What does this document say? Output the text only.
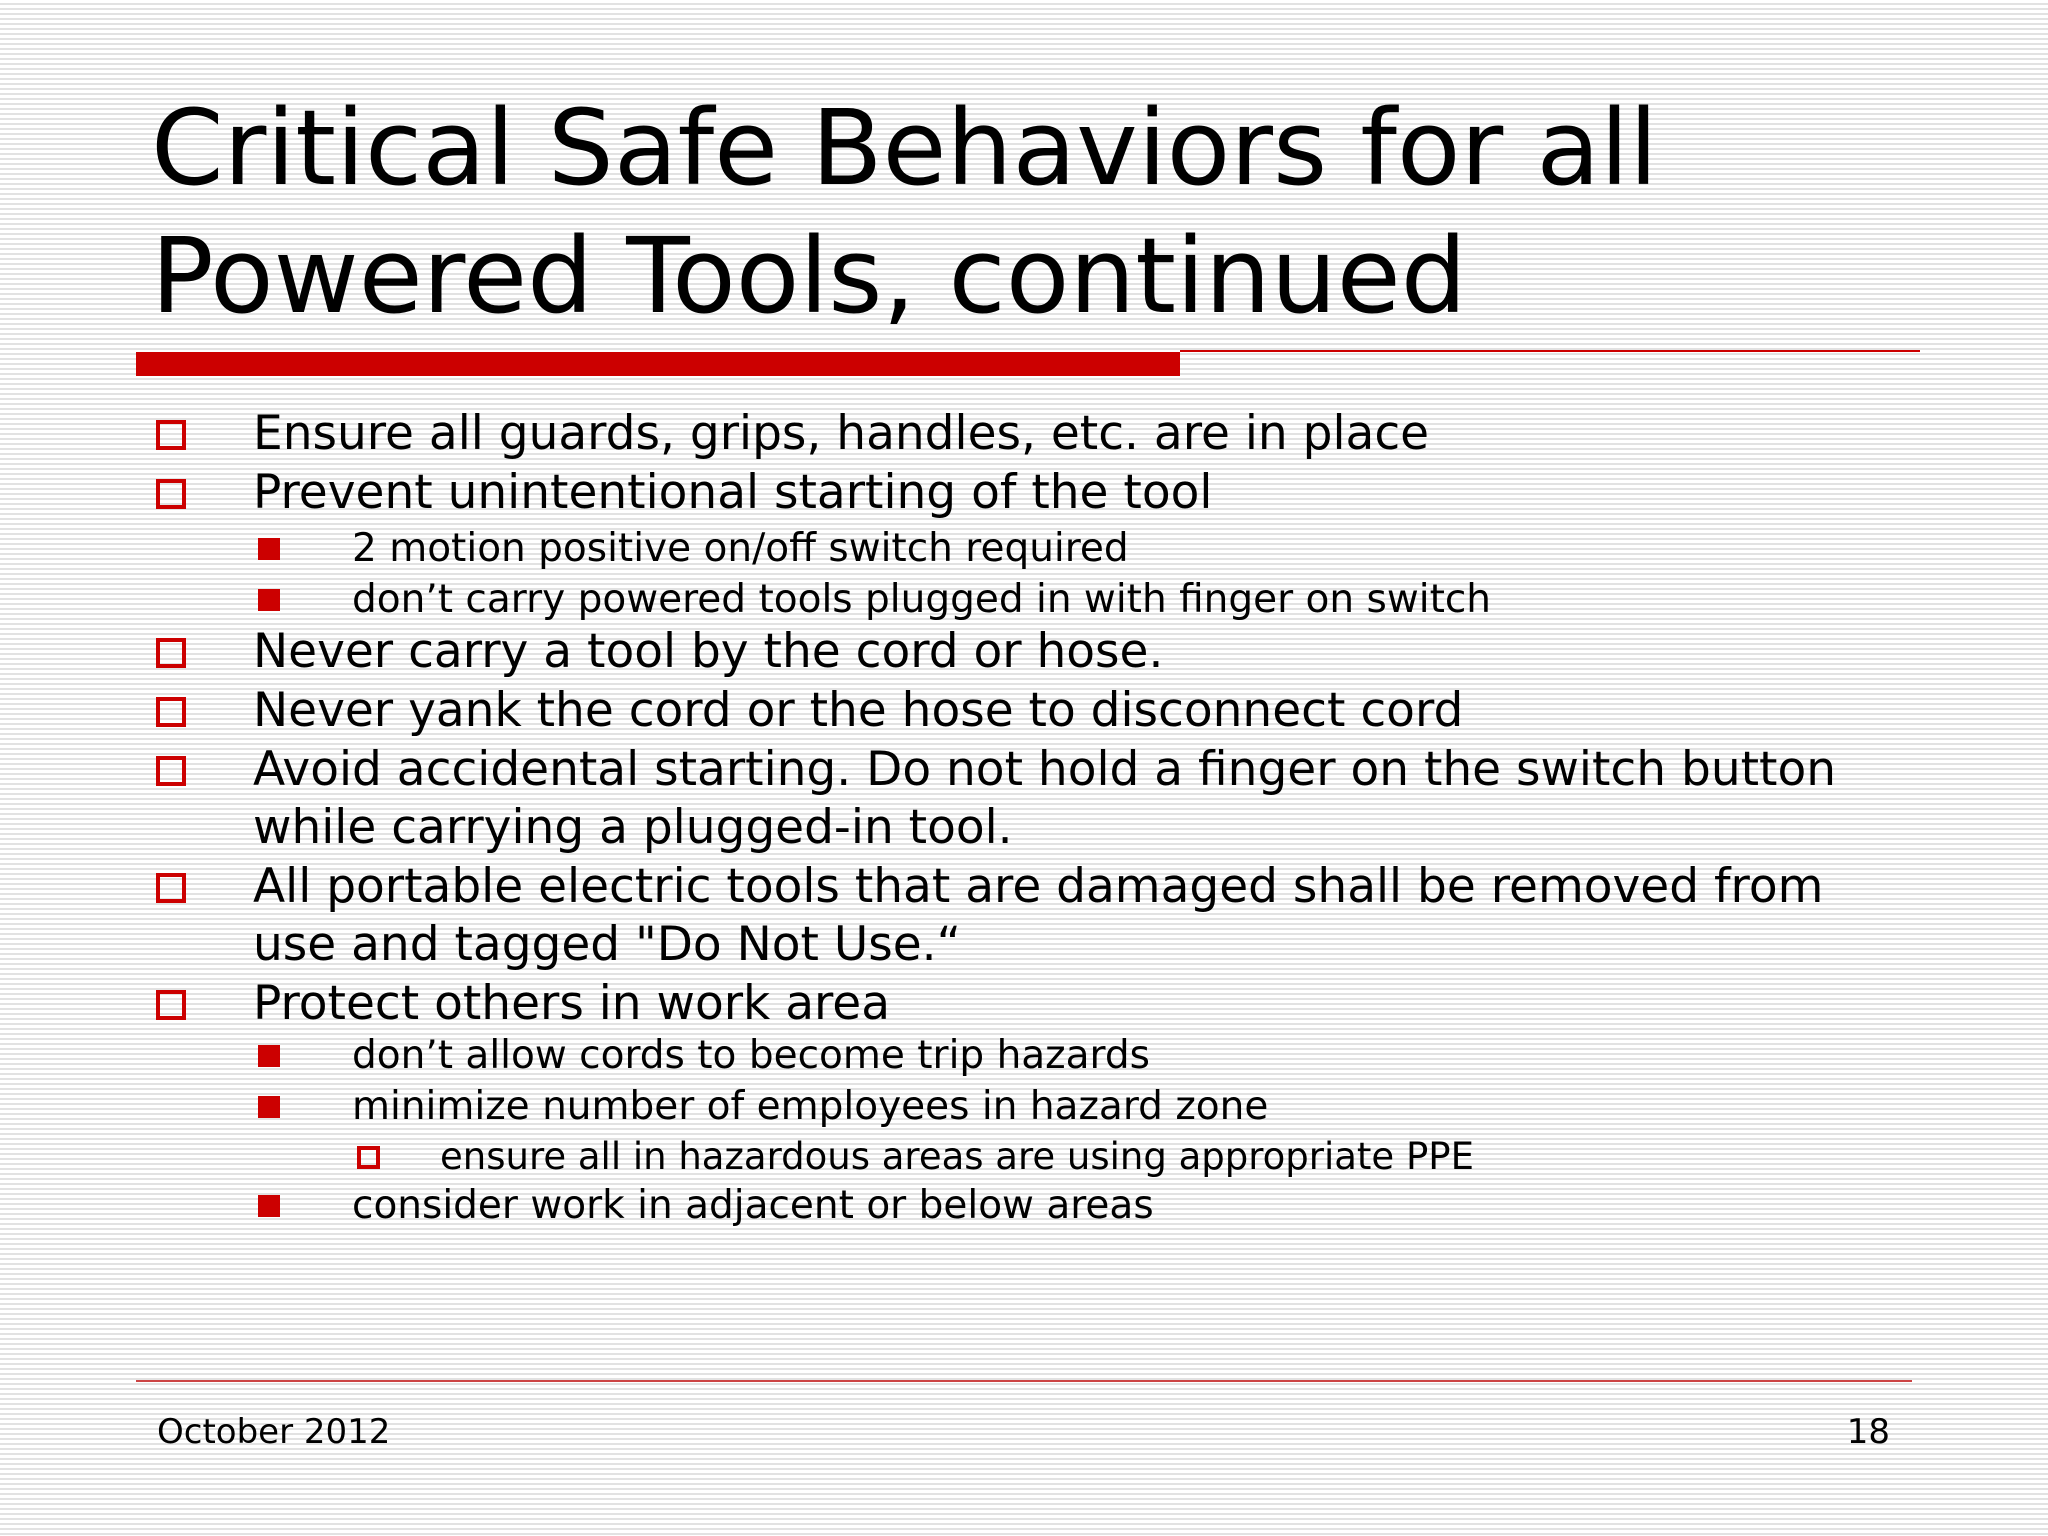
Critical Safe Behaviors for all
Powered Tools, continued
Ensure all guards, grips, handles, etc. are in place
Prevent unintentional starting of the tool
2 motion positive on/off switch required
don’t carry powered tools plugged in with finger on switch
Never carry a tool by the cord or hose.
Never yank the cord or the hose to disconnect cord
Avoid accidental starting. Do not hold a finger on the switch button
while carrying a plugged-in tool.
All portable electric tools that are damaged shall be removed from
use and tagged "Do Not Use.“
Protect others in work area
don’t allow cords to become trip hazards
minimize number of employees in hazard zone
ensure all in hazardous areas are using appropriate PPE
consider work in adjacent or below areas
October 2012	18
